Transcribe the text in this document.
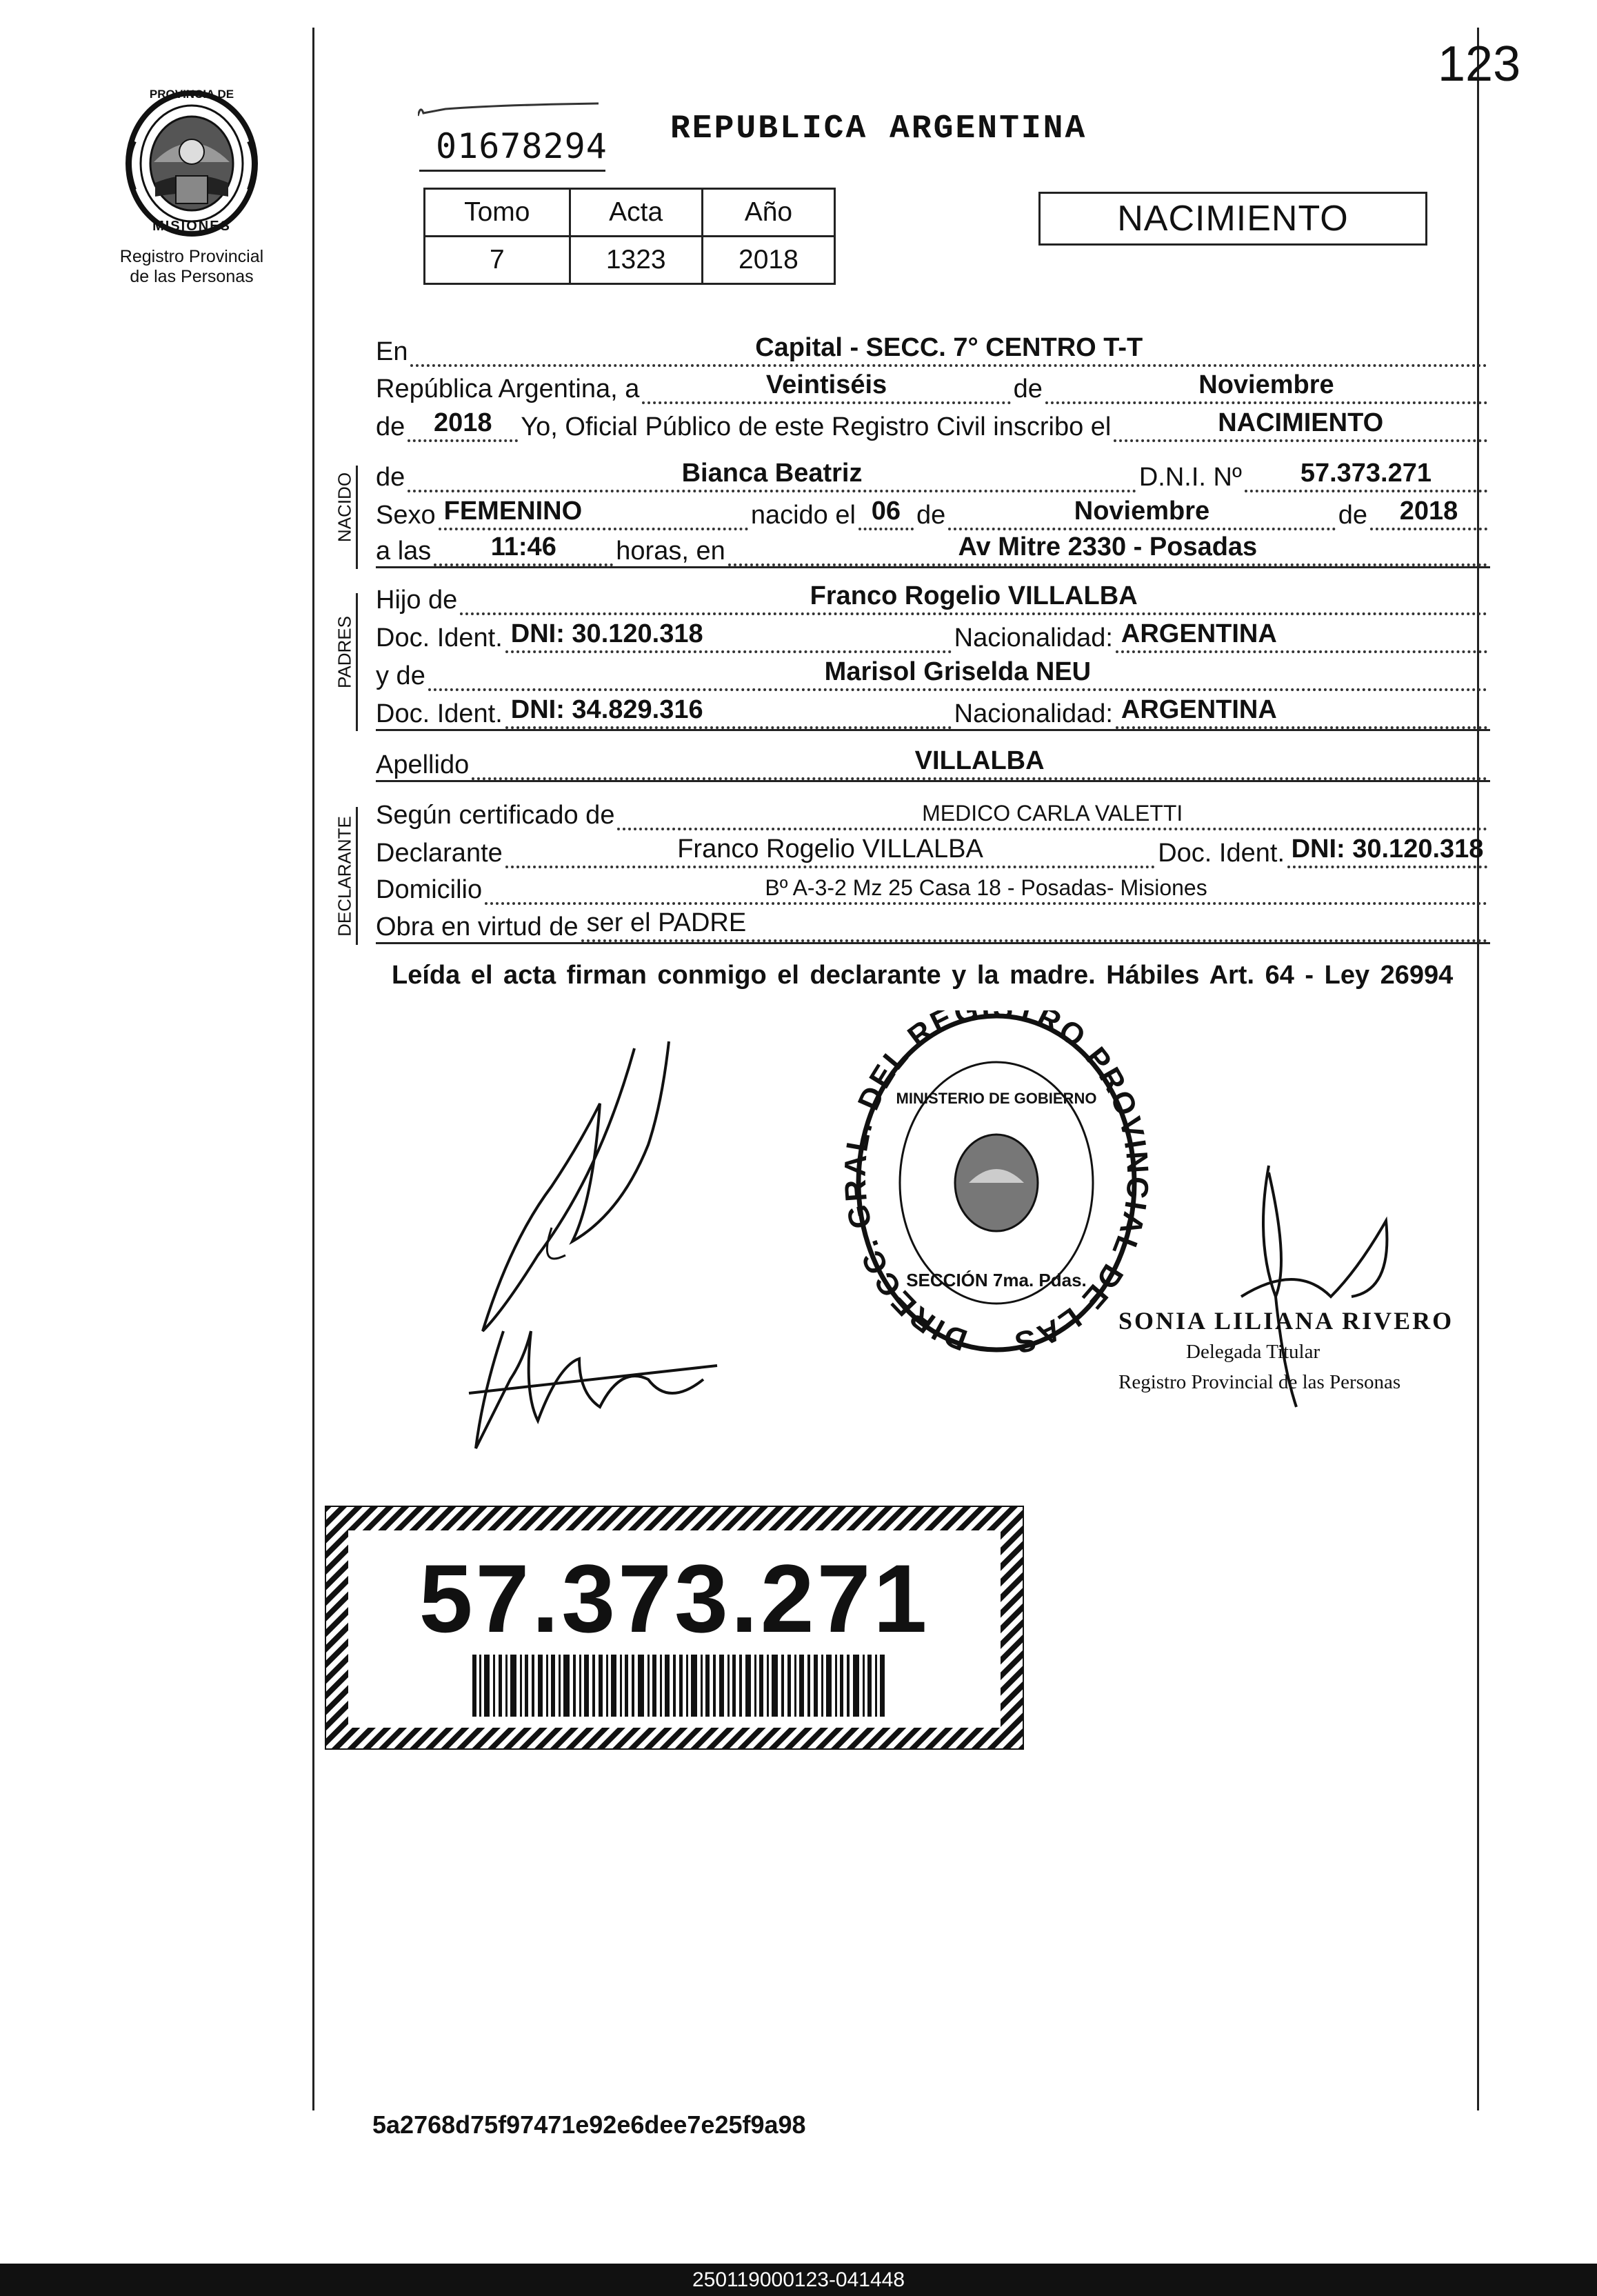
123
PROVINCIA DE
MISIONES
Registro Provincial
de las Personas
01678294 REPUBLICA ARGENTINA
Tomo	Acta	Año
7	1323	2018
NACIMIENTO
En	Capital - SECC. 7° CENTRO T-T
República Argentina, a	Veintiséis	de	Noviembre
de	2018	Yo, Oficial Público de este Registro Civil inscribo el	NACIMIENTO
NACIDO de	Bianca Beatriz	D.N.I. Nº	57.373.271
Sexo FEMENINO	nacido el 06 de	Noviembre	de	2018
a las	11:46	horas, en	Av Mitre 2330 - Posadas
PADRES
Hijo de	Franco Rogelio VILLALBA
Doc. Ident. DNI: 30.120.318	Nacionalidad: ARGENTINA
y de	Marisol Griselda NEU
Doc. Ident. DNI: 34.829.316	Nacionalidad: ARGENTINA
Apellido	VILLALBA
DECLARANTE
Según certificado de	MEDICO CARLA VALETTI
Declarante	Franco Rogelio VILLALBA	Doc. Ident. DNI: 30.120.318
Domicilio	Bº A-3-2 Mz 25 Casa 18 - Posadas- Misiones
Obra en virtud de ser el PADRE
Leída el acta firman conmigo el declarante y la madre. Hábiles Art. 64 - Ley 26994
DIRECC. GRAL. DEL REG TRO PROVINCIAL DE LAS
MINISTERIO DE GOBIERNO
SECCIÓN 7ma. Pdas.
SONIA LILIANA RIVERO
Delegada Titular
Registro Provincial de las Personas
57.373.271
5a2768d75f97471e92e6dee7e25f9a98
250119000123-041448
